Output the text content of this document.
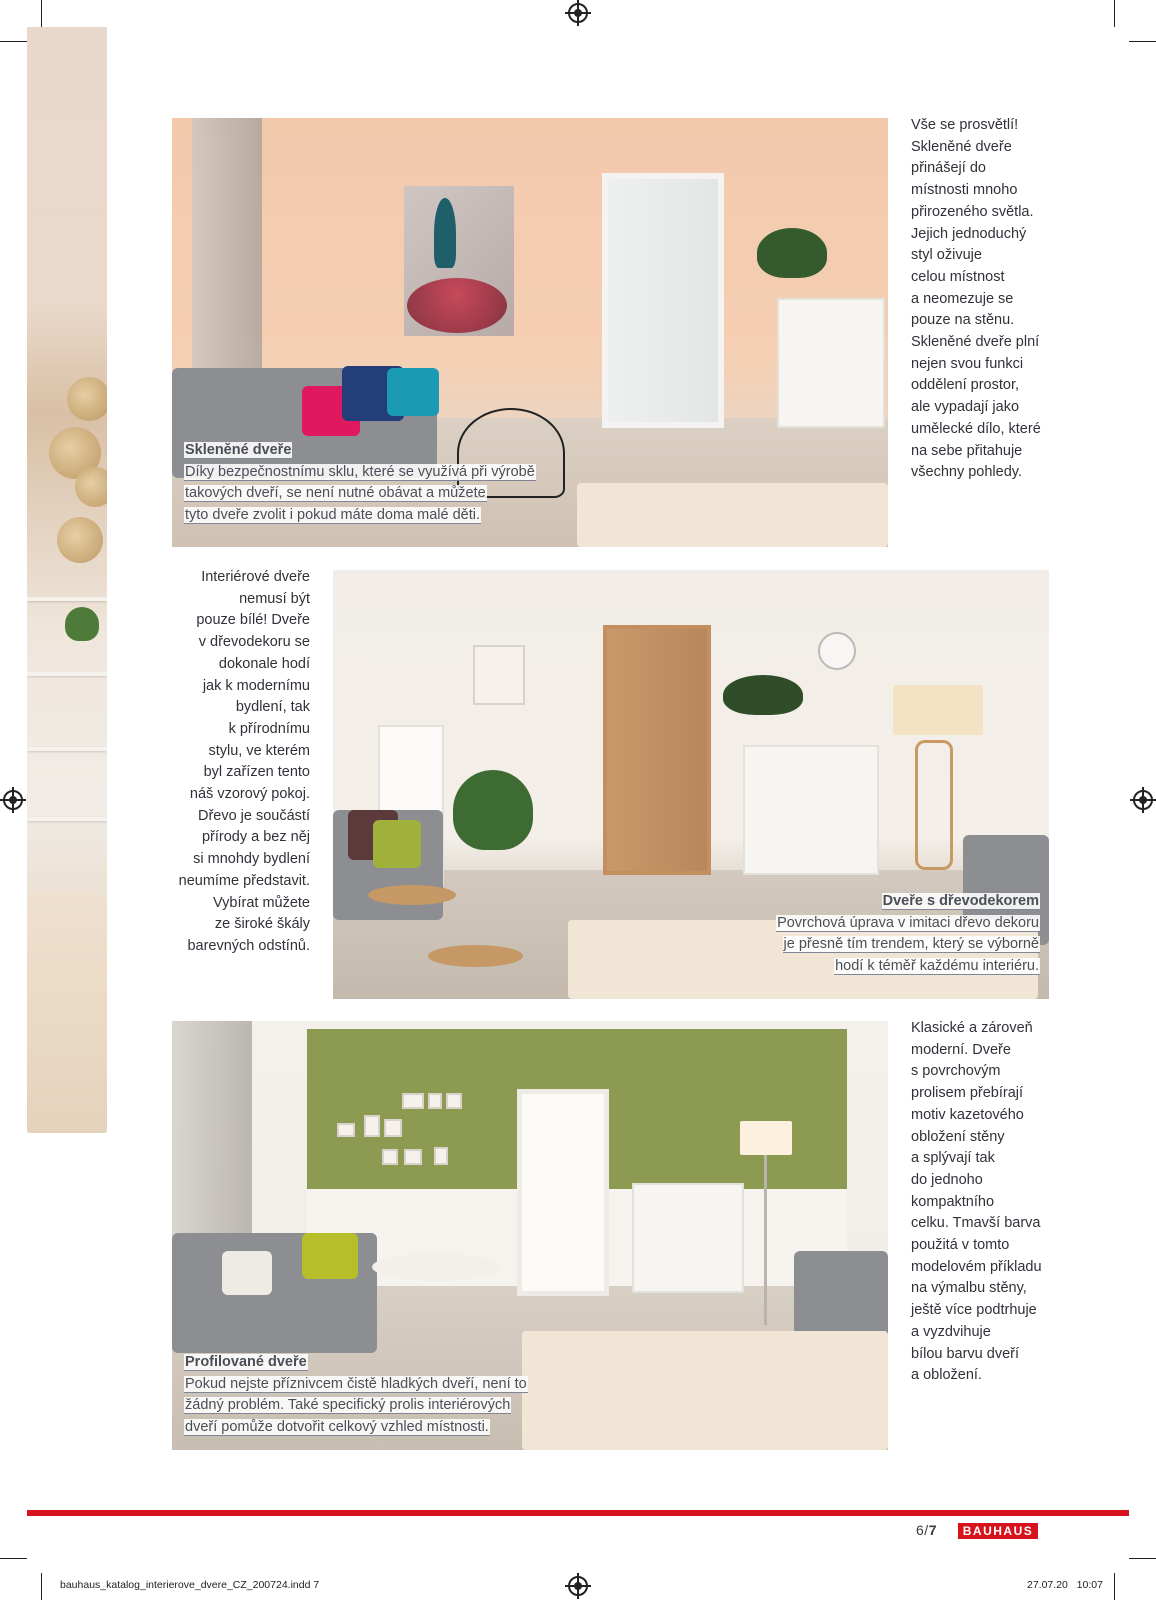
Skleněné dveře
Díky bezpečnostnímu sklu, které se využívá při výrobě
takových dveří, se není nutné obávat a můžete
tyto dveře zvolit i pokud máte doma malé děti.
Vše se prosvětlí!
Skleněné dveře
přinášejí do
místnosti mnoho
přirozeného světla.
Jejich jednoduchý
styl oživuje
celou místnost
a neomezuje se
pouze na stěnu.
Skleněné dveře plní
nejen svou funkci
oddělení prostor,
ale vypadají jako
umělecké dílo, které
na sebe přitahuje
všechny pohledy.
Interiérové dveře
nemusí být
pouze bílé! Dveře
v dřevodekoru se
dokonale hodí
jak k modernímu
bydlení, tak
k přírodnímu
stylu, ve kterém
byl zařízen tento
náš vzorový pokoj.
Dřevo je součástí
přírody a bez něj
si mnohdy bydlení
neumíme představit.
Vybírat můžete
ze široké škály
barevných odstínů.
Dveře s dřevodekorem
Povrchová úprava v imitaci dřevo dekoru
je přesně tím trendem, který se výborně
hodí k téměř každému interiéru.
Profilované dveře
Pokud nejste příznivcem čistě hladkých dveří, není to
žádný problém. Také specifický prolis interiérových
dveří pomůže dotvořit celkový vzhled místnosti.
Klasické a zároveň
moderní. Dveře
s povrchovým
prolisem přebírají
motiv kazetového
obložení stěny
a splývají tak
do jednoho
kompaktního
celku. Tmavší barva
použitá v tomto
modelovém příkladu
na výmalbu stěny,
ještě více podtrhuje
a vyzdvihuje
bílou barvu dveří
a obložení.
6/7	BAUHAUS
bauhaus_katalog_interierove_dvere_CZ_200724.indd 7	27.07.20 10:07
